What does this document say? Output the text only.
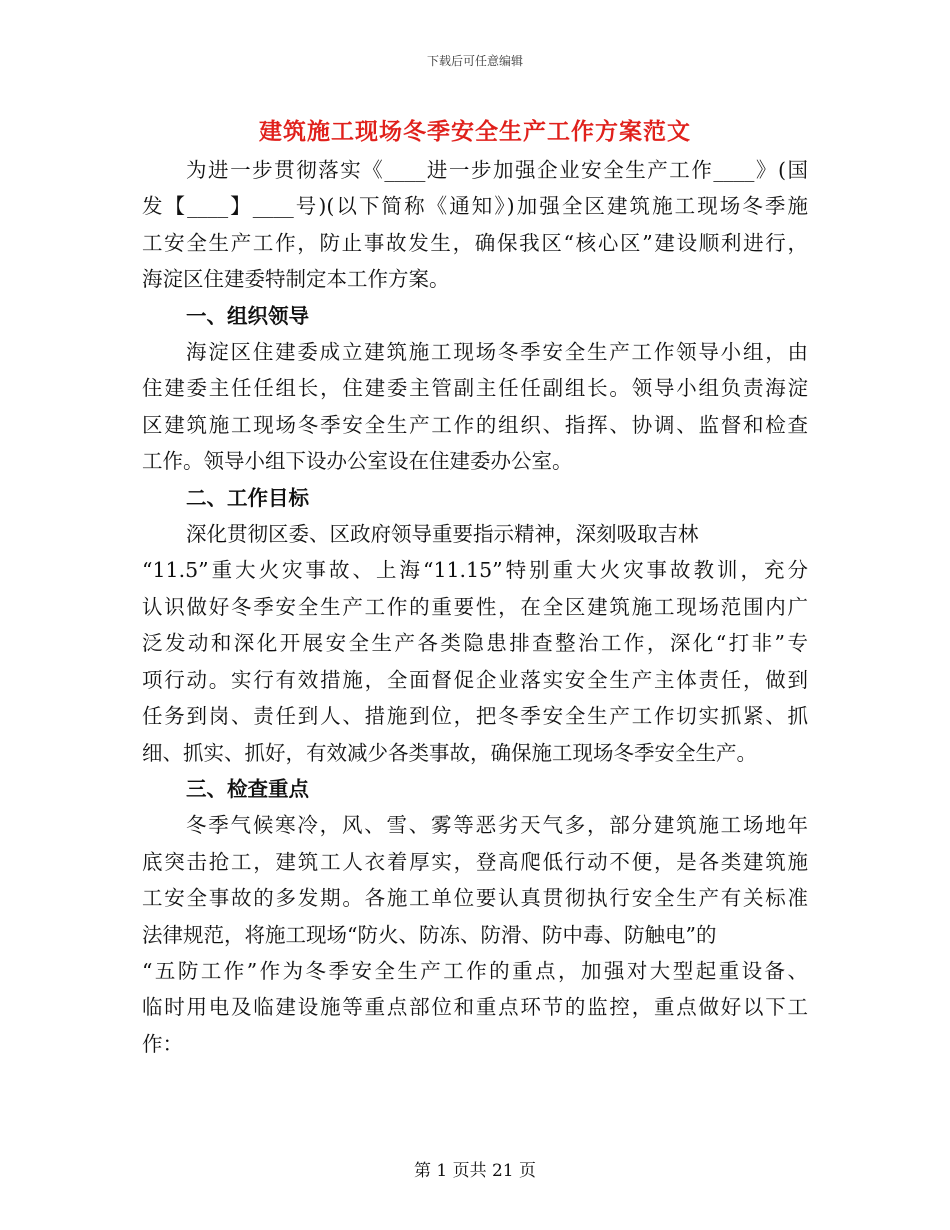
下载后可任意编辑
建筑施工现场冬季安全生产工作方案范文

为进一步贯彻落实《____进一步加强企业安全生产工作____》(国
发【____】____号)(以下简称《通知》)加强全区建筑施工现场冬季施
工安全生产工作，防止事故发生，确保我区“核心区”建设顺利进行，
海淀区住建委特制定本工作方案。

一、组织领导

海淀区住建委成立建筑施工现场冬季安全生产工作领导小组，由
住建委主任任组长，住建委主管副主任任副组长。领导小组负责海淀
区建筑施工现场冬季安全生产工作的组织、指挥、协调、监督和检查
工作。领导小组下设办公室设在住建委办公室。

二、工作目标

深化贯彻区委、区政府领导重要指示精神，深刻吸取吉林
“11.5”重大火灾事故、上海“11.15”特别重大火灾事故教训，充分
认识做好冬季安全生产工作的重要性，在全区建筑施工现场范围内广
泛发动和深化开展安全生产各类隐患排查整治工作，深化“打非”专
项行动。实行有效措施，全面督促企业落实安全生产主体责任，做到
任务到岗、责任到人、措施到位，把冬季安全生产工作切实抓紧、抓
细、抓实、抓好，有效减少各类事故，确保施工现场冬季安全生产。

三、检查重点

冬季气候寒冷，风、雪、雾等恶劣天气多，部分建筑施工场地年
底突击抢工，建筑工人衣着厚实，登高爬低行动不便，是各类建筑施
工安全事故的多发期。各施工单位要认真贯彻执行安全生产有关标准
法律规范，将施工现场“防火、防冻、防滑、防中毒、防触电”的
“五防工作”作为冬季安全生产工作的重点，加强对大型起重设备、
临时用电及临建设施等重点部位和重点环节的监控，重点做好以下工
作：

第 1 页共 21 页
